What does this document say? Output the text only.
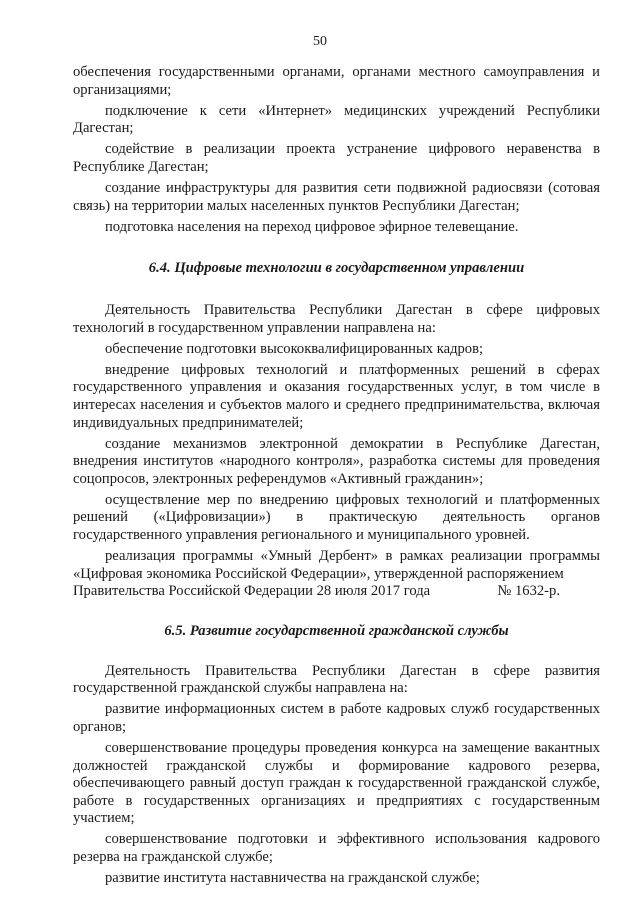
50

обеспечения государственными органами, органами местного самоуправления и организациями;

подключение к сети «Интернет» медицинских учреждений Республики Дагестан;

содействие в реализации проекта устранение цифрового неравенства в Республике Дагестан;

создание инфраструктуры для развития сети подвижной радиосвязи (сотовая связь) на территории малых населенных пунктов Республики Дагестан;

подготовка населения на переход цифровое эфирное телевещание.

6.4. Цифровые технологии в государственном управлении

Деятельность Правительства Республики Дагестан в сфере цифровых технологий в государственном управлении направлена на:

обеспечение подготовки высококвалифицированных кадров;

внедрение цифровых технологий и платформенных решений в сферах государственного управления и оказания государственных услуг, в том числе в интересах населения и субъектов малого и среднего предпринимательства, включая индивидуальных предпринимателей;

создание механизмов электронной демократии в Республике Дагестан, внедрения институтов «народного контроля», разработка системы для проведения соцопросов, электронных референдумов «Активный гражданин»;

осуществление мер по внедрению цифровых технологий и платформенных решений («Цифровизации») в практическую деятельность органов государственного управления регионального и муниципального уровней.

реализация программы «Умный Дербент» в рамках реализации программы «Цифровая экономика Российской Федерации», утвержденной распоряжением

Правительства Российской Федерации 28 июля 2017 года	№ 1632-р.
6.5. Развитие государственной гражданской службы

Деятельность Правительства Республики Дагестан в сфере развития государственной гражданской службы направлена на:

развитие информационных систем в работе кадровых служб государственных органов;

совершенствование процедуры проведения конкурса на замещение вакантных должностей гражданской службы и формирование кадрового резерва, обеспечивающего равный доступ граждан к государственной гражданской службе, работе в государственных организациях и предприятиях с государственным участием;

совершенствование подготовки и эффективного использования кадрового резерва на гражданской службе;

развитие института наставничества на гражданской службе;
